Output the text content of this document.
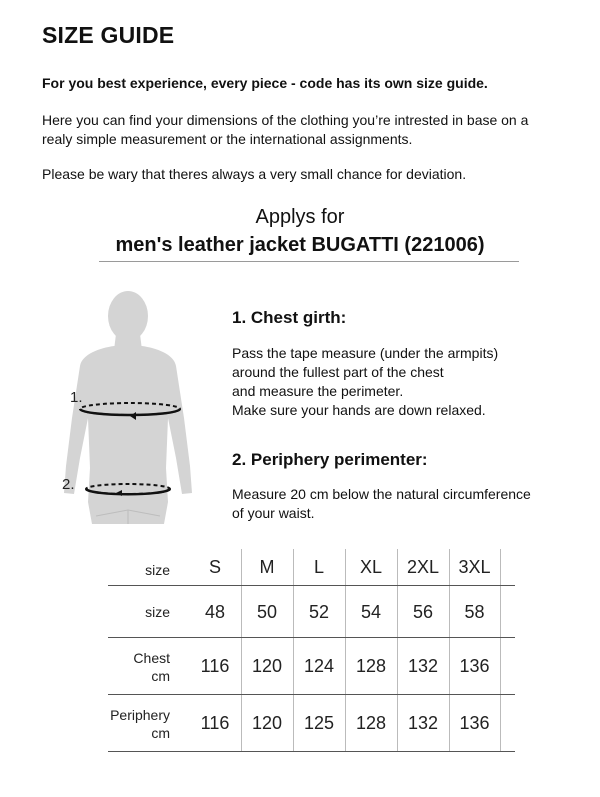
SIZE GUIDE
For you best experience, every piece - code has its own size guide.
Here you can find your dimensions of the clothing you’re intrested in base on a
realy simple measurement or the international assignments.
Please be wary that theres always a very small chance for deviation.
Applys for
men's leather jacket BUGATTI (221006)
1.
2.
1. Chest girth:
Pass the tape measure (under the armpits)
around the fullest part of the chest
and measure the perimeter.
Make sure your hands are down relaxed.
2. Periphery perimenter:
Measure 20 cm below the natural circumference
of your waist.
size	S	M	L	XL	2XL	3XL
size	48	50	52	54	56	58
Chest
cm	116	120	124	128	132	136
Periphery
cm	116	120	125	128	132	136
